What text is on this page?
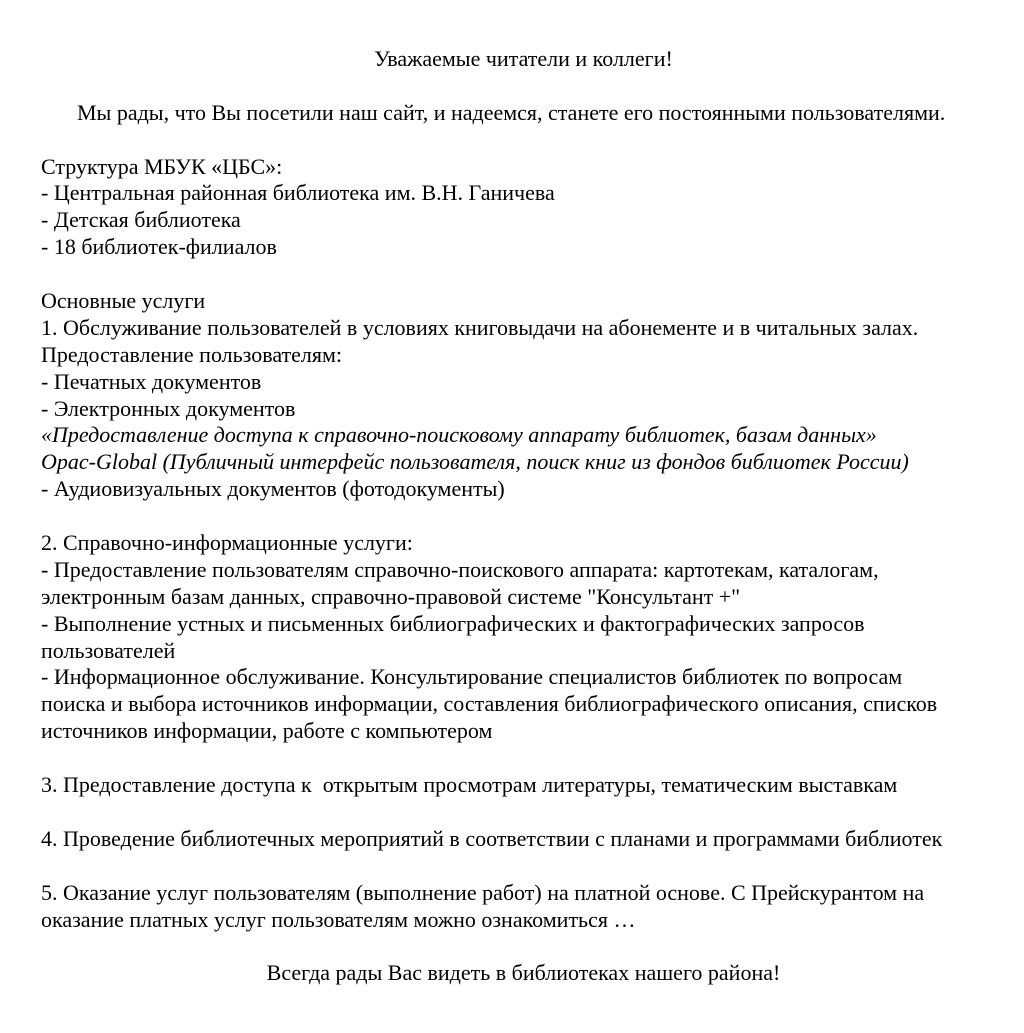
Уважаемые читатели и коллеги!
Мы рады, что Вы посетили наш сайт, и надеемся, станете его постоянными пользователями.
Структура МБУК «ЦБС»:
- Центральная районная библиотека им. В.Н. Ганичева
- Детская библиотека
- 18 библиотек-филиалов
Основные услуги
1. Обслуживание пользователей в условиях книговыдачи на абонементе и в читальных залах.
Предоставление пользователям:
- Печатных документов
- Электронных документов
«Предоставление доступа к справочно-поисковому аппарату библиотек, базам данных»
Opac-Global (Публичный интерфейс пользователя, поиск книг из фондов библиотек России)
- Аудиовизуальных документов (фотодокументы)
2. Справочно-информационные услуги:
- Предоставление пользователям справочно-поискового аппарата: картотекам, каталогам,
электронным базам данных, справочно-правовой системе "Консультант +"
- Выполнение устных и письменных библиографических и фактографических запросов
пользователей
- Информационное обслуживание. Консультирование специалистов библиотек по вопросам
поиска и выбора источников информации, составления библиографического описания, списков
источников информации, работе с компьютером
3. Предоставление доступа к  открытым просмотрам литературы, тематическим выставкам
4. Проведение библиотечных мероприятий в соответствии с планами и программами библиотек
5. Оказание услуг пользователям (выполнение работ) на платной основе. С Прейскурантом на
оказание платных услуг пользователям можно ознакомиться …
Всегда рады Вас видеть в библиотеках нашего района!
